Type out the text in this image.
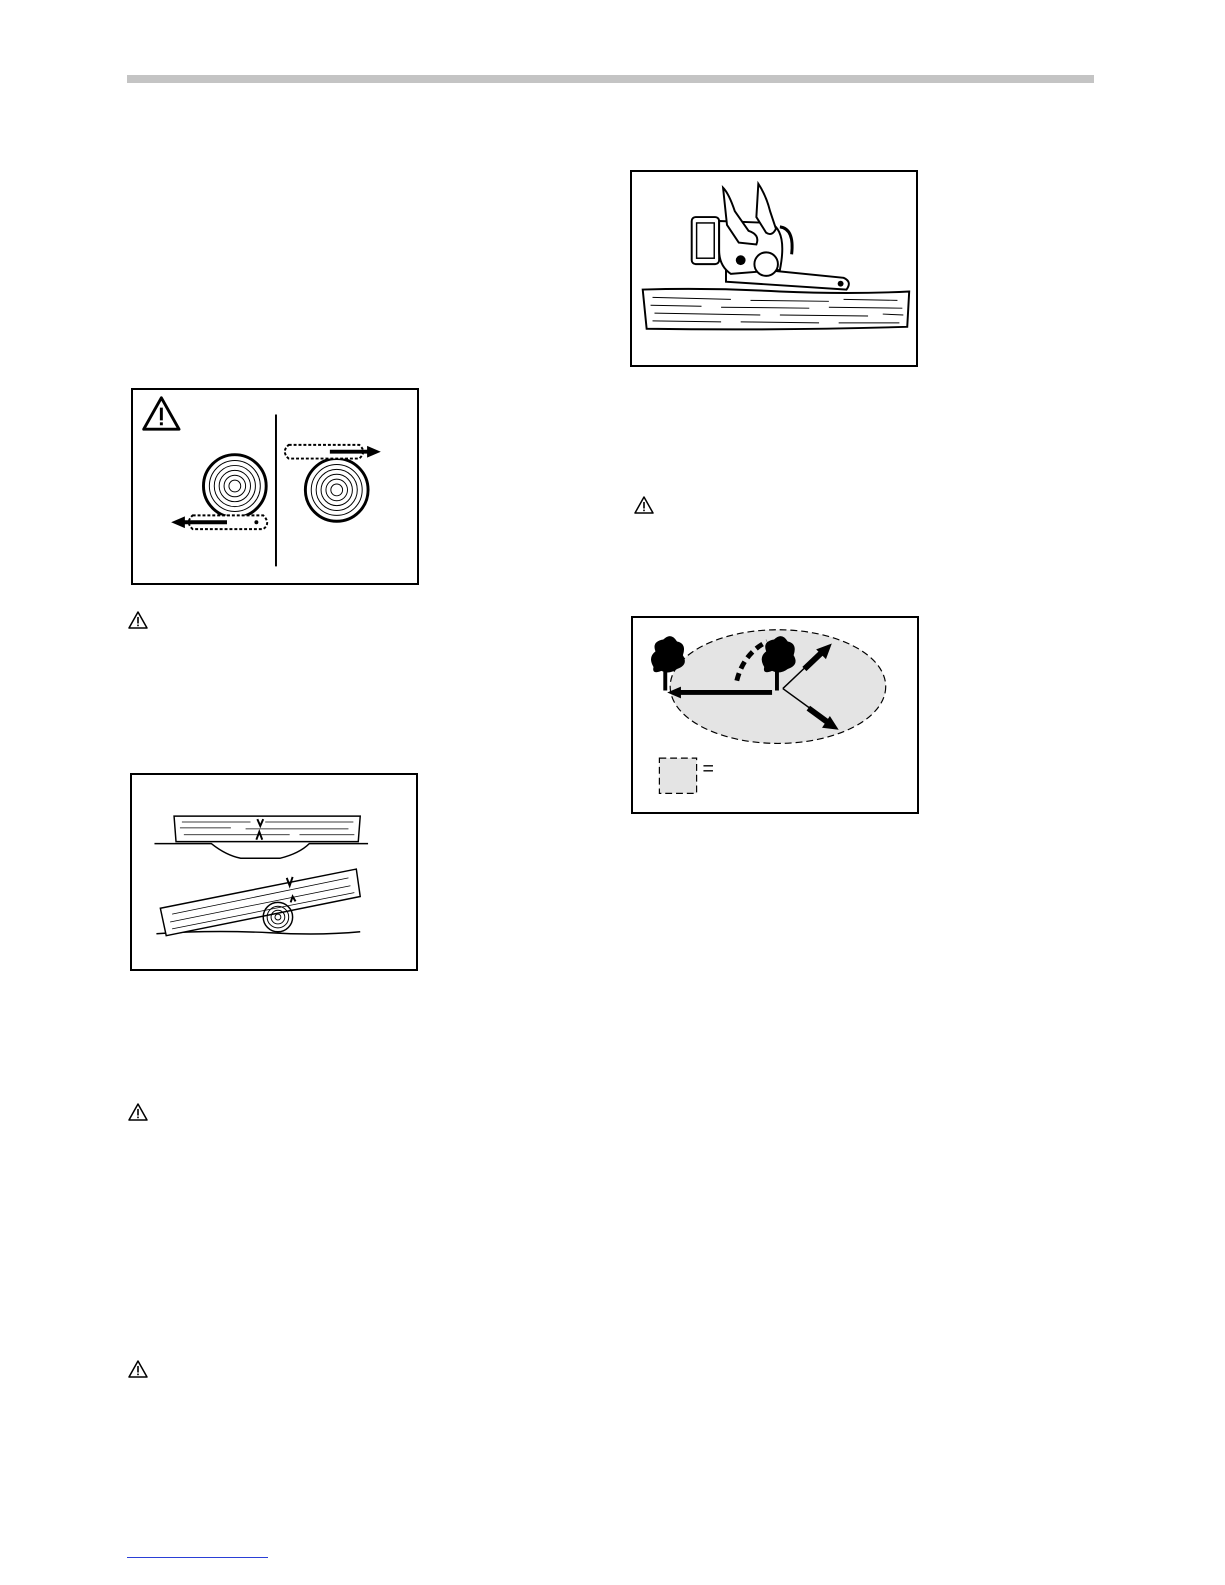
=
